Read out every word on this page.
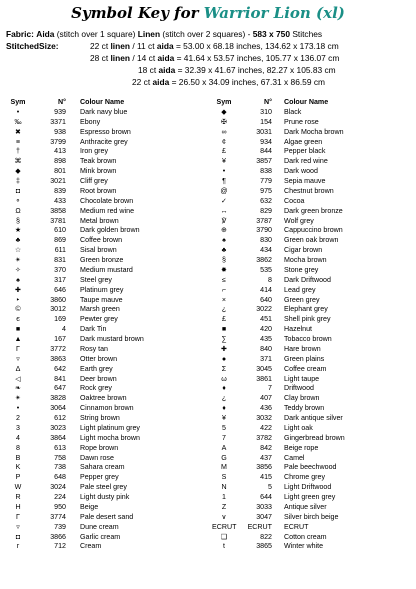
Symbol Key for Warrior Lion (xl)
Fabric: Aida (stitch over 1 square) Linen (stitch over 2 squares) - 583 x 750 Stitches
StitchedSize:	22 ct linen / 11 ct aida = 53.00 x 68.18 inches, 134.62 x 173.18 cm
28 ct linen / 14 ct aida = 41.64 x 53.57 inches, 105.77 x 136.07 cm
18 ct aida = 32.39 x 41.67 inches, 82.27 x 105.83 cm
22 ct aida = 26.50 x 34.09 inches, 67.31 x 86.59 cm
Sym	N° Colour Name
•	939 Dark navy blue
‰	3371 Ebony
✖	938 Espresso brown
≡	3799 Anthracite grey
†	413 Iron grey
⌘	898 Teak brown
◆	801 Mink brown
‡	3021 Cliff grey
◘	839 Root brown
⚬	433 Chocolate brown
Ω	3858 Medium red wine
§	3781 Metal brown
★	610 Dark golden brown
♣	869 Coffee brown
☆	611 Sisal brown
✴	831 Green bronze
✧	370 Medium mustard
♠	317 Steel grey
✚	646 Platinum grey
‣	3860 Taupe mauve
©	3012 Marsh green
є	169 Pewter grey
■	4 Dark Tin
▲	167 Dark mustard brown
Γ	3772 Rosy tan
▿	3863 Otter brown
Δ	642 Earth grey
◁	841 Deer brown
❧	647 Rock grey
✴	3828 Oaktree brown
•	3064 Cinnamon brown
2	612 String brown
3	3023 Light platinum grey
4	3864 Light mocha brown
8	613 Rope brown
B	758 Dawn rose
K	738 Sahara cream
P	648 Pepper grey
W	3024 Pale steel grey
R	224 Light dusty pink
H	950 Beige
Γ	3774 Pale desert sand
▿	739 Dune cream
◘	3866 Garlic cream
г	712 Cream
Sym	N° Colour Name
◆	310 Black
✠	154 Prune rose
∞	3031 Dark Mocha brown
¢	934 Algae green
£	844 Pepper black
¥	3857 Dark red wine
•	838 Dark wood
¶	779 Sepia mauve
@	975 Chestnut brown
✓	632 Cocoa
↔	829 Dark green bronze
℣	3787 Wolf grey
⊕	3790 Cappuccino brown
♠	830 Green oak brown
♣	434 Cigar brown
§	3862 Mocha brown
✸	535 Stone grey
≤	8 Dark Driftwood
⌐	414 Lead grey
×	640 Green grey
¿	3022 Elephant grey
£	451 Shell pink grey
■	420 Hazelnut
∑	435 Tobacco brown
✚	840 Hare brown
●	371 Green plains
Σ	3045 Coffee cream
ω	3861 Light taupe
♦	7 Driftwood
¿	407 Clay brown
♦	436 Teddy brown
¥	3032 Dark antique silver
5	422 Light oak
7	3782 Gingerbread brown
A	842 Beige rope
G	437 Camel
M	3856 Pale beechwood
S	415 Chrome grey
N	5 Light Driftwood
1	644 Light green grey
Z	3033 Antique silver
∨	3047 Silver birch beige
ECRUT	ECRUT ECRUT
❑	822 Cotton cream
t	3865 Winter white
